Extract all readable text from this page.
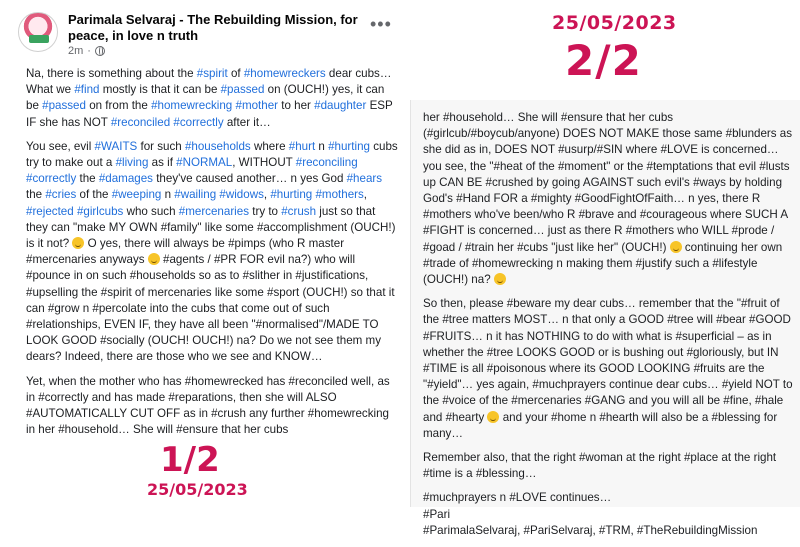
Parimala Selvaraj - The Rebuilding Mission, for peace, in love n truth
2m ·
•••

Na, there is something about the #spirit of #homewreckers dear cubs… What we #find mostly is that it can be #passed on (OUCH!) yes, it can be #passed on from the #homewrecking #mother to her #daughter ESP IF she has NOT #reconciled #correctly after it…

You see, evil #WAITS for such #households where #hurt n #hurting cubs try to make out a #living as if #NORMAL, WITHOUT #reconciling #correctly the #damages they've caused another… n yes God #hears the #cries of the #weeping n #wailing #widows, #hurting #mothers, #rejected #girlcubs who such #mercenaries try to #crush just so that they can "make MY OWN #family" like some #accomplishment (OUCH!) is it not?  O yes, there will always be #pimps (who R master #mercenaries anyways  #agents / #PR FOR evil na?) who will #pounce in on such #households so as to #slither in #justifications, #upselling the #spirit of mercenaries like some #sport (OUCH!) so that it can #grow n #percolate into the cubs that come out of such #relationships, EVEN IF, they have all been "#normalised"/MADE TO LOOK GOOD #socially (OUCH! OUCH!) na? Do we not see them my dears? Indeed, there are those who we see and KNOW…

Yet, when the mother who has #homewrecked has #reconciled well, as in #correctly and has made #reparations, then she will ALSO #AUTOMATICALLY CUT OFF as in #crush any further #homewrecking in her #household… She will #ensure that her cubs

her #household… She will #ensure that her cubs (#girlcub/#boycub/anyone) DOES NOT MAKE those same #blunders as she did as in, DOES NOT #usurp/#SIN where #LOVE is concerned… you see, the "#heat of the #moment" or the #temptations that evil #lusts up CAN BE #crushed by going AGAINST such evil's #ways by holding God's #Hand FOR a #mighty #GoodFightOfFaith… n yes, there R #mothers who've been/who R #brave and #courageous where SUCH A #FIGHT is concerned… just as there R #mothers who WILL #prode / #goad / #train her #cubs "just like her" (OUCH!)  continuing her own #trade of #homewrecking n making them #justify such a #lifestyle (OUCH!) na?

So then, please #beware my dear cubs… remember that the "#fruit of the #tree matters MOST… n that only a GOOD #tree will #bear #GOOD #FRUITS… n it has NOTHING to do with what is #superficial – as in whether the #tree LOOKS GOOD or is bushing out #gloriously, but IN #TIME is all #poisonous where its GOOD LOOKING #fruits are the "#yield"… yes again, #muchprayers continue dear cubs… #yield NOT to the #voice of the #mercenaries #GANG and you will all be #fine, #hale and #hearty  and your #home n #hearth will also be a #blessing for many…

Remember also, that the right #woman at the right #place at the right #time is a #blessing…

#muchprayers n #LOVE continues…
#Pari
#ParimalaSelvaraj, #PariSelvaraj, #TRM, #TheRebuildingMission

25/05/2023
2/2
1/2
25/05/2023
